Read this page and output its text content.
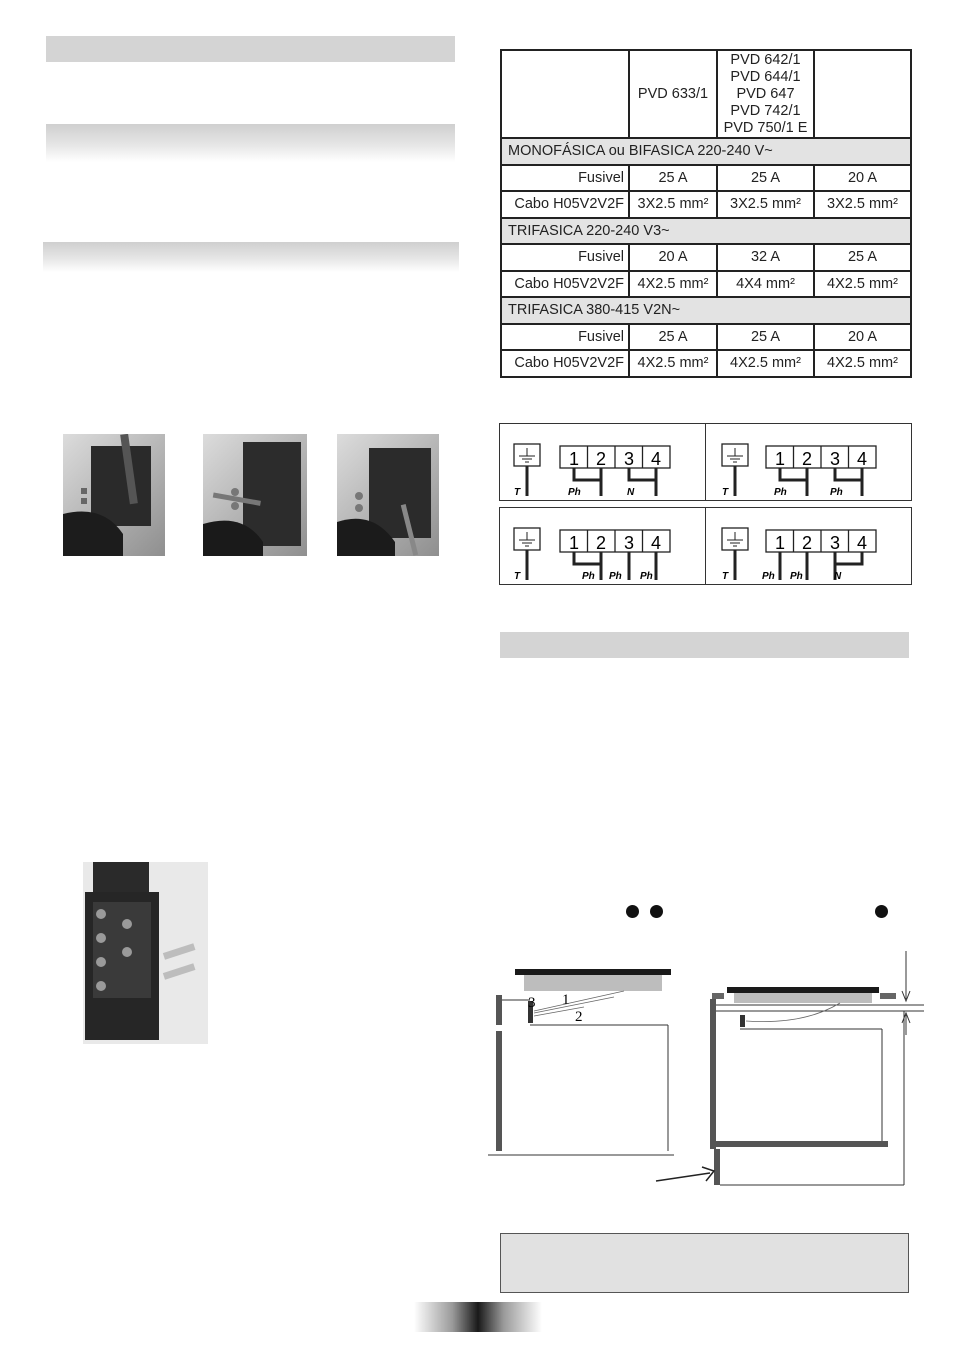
	PVD 633/1	PVD 642/1
PVD 644/1
PVD 647
PVD 742/1
PVD 750/1 E	
MONOFÁSICA ou BIFASICA 220-240 V~			
Fusivel	25 A	25 A	20 A
Cabo H05V2V2F	3X2.5 mm²	3X2.5 mm²	3X2.5 mm²
TRIFASICA 220-240 V3~			
Fusivel	20 A	32 A	25 A
Cabo H05V2V2F	4X2.5 mm²	4X4 mm²	4X2.5 mm²
TRIFASICA 380-415 V2N~			
Fusivel	25 A	25 A	20 A
Cabo H05V2V2F	4X2.5 mm²	4X2.5 mm²	4X2.5 mm²
T
1 2 3 4
Ph	N	T
1 2 3 4
Ph	Ph
T
1 2 3 4
Ph Ph Ph	T
1 2 3 4
Ph Ph	N
3 1
2
